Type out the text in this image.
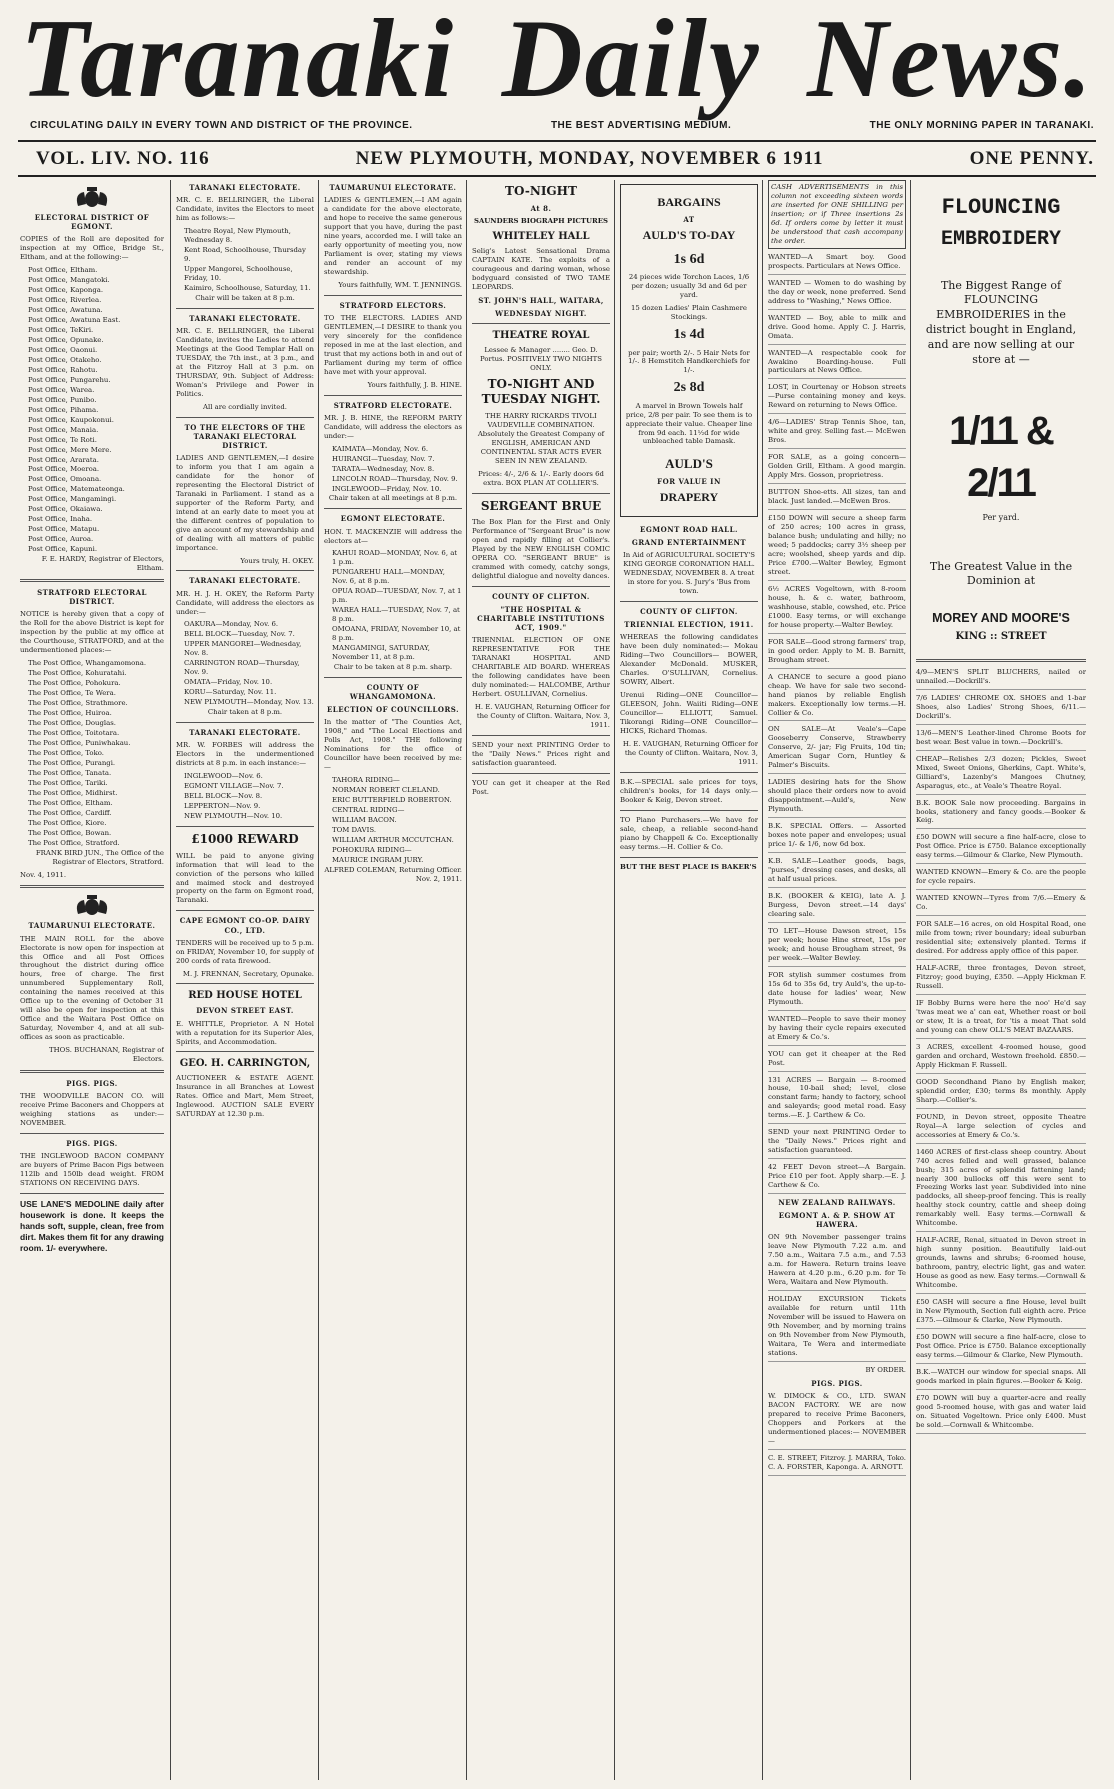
Taranaki Daily News.
CIRCULATING DAILY IN EVERY TOWN AND DISTRICT OF THE PROVINCE.	THE BEST ADVERTISING MEDIUM.	THE ONLY MORNING PAPER IN TARANAKI.
VOL. LIV. NO. 116	NEW PLYMOUTH, MONDAY, NOVEMBER 6 1911	ONE PENNY.
ELECTORAL DISTRICT OF EGMONT.

COPIES of the Roll are deposited for inspection at my Office, Bridge St., Eltham, and at the following:—

Post Office, Eltham.
Post Office, Mangatoki.
Post Office, Kaponga.
Post Office, Riverlea.
Post Office, Awatuna.
Post Office, Awatuna East.
Post Office, TeKiri.
Post Office, Opunake.
Post Office, Oaonui.
Post Office, Otakeho.
Post Office, Rahotu.
Post Office, Pungarehu.
Post Office, Warea.
Post Office, Punibo.
Post Office, Pihama.
Post Office, Kaupokonui.
Post Office, Manaia.
Post Office, Te Roti.
Post Office, Mere Mere.
Post Office, Ararata.
Post Office, Moeroa.
Post Office, Omoana.
Post Office, Matemateonga.
Post Office, Mangamingi.
Post Office, Okaiawa.
Post Office, Inaha.
Post Office, Matapu.
Post Office, Auroa.
Post Office, Kapuni.

F. E. HARDY, Registrar of Electors, Eltham.

STRATFORD ELECTORAL DISTRICT.

NOTICE is hereby given that a copy of the Roll for the above District is kept for inspection by the public at my office at the Courthouse, STRATFORD, and at the undermentioned places:—

The Post Office, Whangamomona.
The Post Office, Kohuratahi.
The Post Office, Pohokura.
The Post Office, Te Wera.
The Post Office, Strathmore.
The Post Office, Huiroa.
The Post Office, Douglas.
The Post Office, Toitotara.
The Post Office, Puniwhakau.
The Post Office, Toko.
The Post Office, Purangi.
The Post Office, Tanata.
The Post Office, Tariki.
The Post Office, Midhirst.
The Post Office, Eltham.
The Post Office, Cardiff.
The Post Office, Kiore.
The Post Office, Bowan.
The Post Office, Stratford.

FRANK BIRD JUN., The Office of the Registrar of Electors, Stratford.

Nov. 4, 1911.

TAUMARUNUI ELECTORATE.

THE MAIN ROLL for the above Electorate is now open for inspection at this Office and all Post Offices throughout the district during office hours, free of charge. The first unnumbered Supplementary Roll, containing the names received at this Office up to the evening of October 31 will also be open for inspection at this Office and the Waitara Post Office on Saturday, November 4, and at all sub-offices as soon as practicable.

THOS. BUCHANAN, Registrar of Electors.

PIGS. PIGS.

THE WOODVILLE BACON CO. will receive Prime Baconers and Choppers at weighing stations as under:— NOVEMBER.

PIGS. PIGS.

THE INGLEWOOD BACON COMPANY are buyers of Prime Bacon Pigs between 112lb and 150lb dead weight. FROM STATIONS ON RECEIVING DAYS.

USE LANE'S MEDOLINE daily after housework is done. It keeps the hands soft, supple, clean, free from dirt. Makes them fit for any drawing room. 1/- everywhere.

TARANAKI ELECTORATE.

MR. C. E. BELLRINGER, the Liberal Candidate, invites the Electors to meet him as follows:—

Theatre Royal, New Plymouth, Wednesday 8.
Kent Road, Schoolhouse, Thursday 9.
Upper Mangorei, Schoolhouse, Friday, 10.
Kaimiro, Schoolhouse, Saturday, 11.

Chair will be taken at 8 p.m.

TARANAKI ELECTORATE.

MR. C. E. BELLRINGER, the Liberal Candidate, invites the Ladies to attend Meetings at the Good Templar Hall on TUESDAY, the 7th inst., at 3 p.m., and at the Fitzroy Hall at 3 p.m. on THURSDAY, 9th. Subject of Address: Woman's Privilege and Power in Politics.

All are cordially invited.

TO THE ELECTORS OF THE TARANAKI ELECTORAL DISTRICT.

LADIES AND GENTLEMEN,—I desire to inform you that I am again a candidate for the honor of representing the Electoral District of Taranaki in Parliament. I stand as a supporter of the Reform Party, and intend at an early date to meet you at the different centres of population to give an account of my stewardship and of dealing with all matters of public importance.

Yours truly, H. OKEY.

TARANAKI ELECTORATE.

MR. H. J. H. OKEY, the Reform Party Candidate, will address the electors as under:—

OAKURA—Monday, Nov. 6.
BELL BLOCK—Tuesday, Nov. 7.
UPPER MANGOREI—Wednesday, Nov. 8.
CARRINGTON ROAD—Thursday, Nov. 9.
OMATA—Friday, Nov. 10.
KORU—Saturday, Nov. 11.
NEW PLYMOUTH—Monday, Nov. 13.

Chair taken at 8 p.m.

TARANAKI ELECTORATE.

MR. W. FORBES will address the Electors in the undermentioned districts at 8 p.m. in each instance:—

INGLEWOOD—Nov. 6.
EGMONT VILLAGE—Nov. 7.
BELL BLOCK—Nov. 8.
LEPPERTON—Nov. 9.
NEW PLYMOUTH—Nov. 10.
£1000 REWARD

WILL be paid to anyone giving information that will lead to the conviction of the persons who killed and maimed stock and destroyed property on the farm on Egmont road, Taranaki.

CAPE EGMONT CO-OP. DAIRY CO., LTD.

TENDERS will be received up to 5 p.m. on FRIDAY, November 10, for supply of 200 cords of rata firewood.

M. J. FRENNAN, Secretary, Opunake.

RED HOUSE HOTEL
DEVON STREET EAST.

E. WHITTLE, Proprietor. A N Hotel with a reputation for its Superior Ales, Spirits, and Accommodation.

GEO. H. CARRINGTON,

AUCTIONEER & ESTATE AGENT. Insurance in all Branches at Lowest Rates. Office and Mart, Mem Street, Inglewood. AUCTION SALE EVERY SATURDAY at 12.30 p.m.

TAUMARUNUI ELECTORATE.

LADIES & GENTLEMEN,—I AM again a candidate for the above electorate, and hope to receive the same generous support that you have, during the past nine years, accorded me. I will take an early opportunity of meeting you, now Parliament is over, stating my views and render an account of my stewardship.

Yours faithfully, WM. T. JENNINGS.

STRATFORD ELECTORS.

TO THE ELECTORS. LADIES AND GENTLEMEN,—I DESIRE to thank you very sincerely for the confidence reposed in me at the last election, and trust that my actions both in and out of Parliament during my term of office have met with your approval.

Yours faithfully, J. B. HINE.

STRATFORD ELECTORATE.

MR. J. B. HINE, the REFORM PARTY Candidate, will address the electors as under:—

KAIMATA—Monday, Nov. 6.
HUIRANGI—Tuesday, Nov. 7.
TARATA—Wednesday, Nov. 8.
LINCOLN ROAD—Thursday, Nov. 9.
INGLEWOOD—Friday, Nov. 10.

Chair taken at all meetings at 8 p.m.

EGMONT ELECTORATE.

HON. T. MACKENZIE will address the electors at—

KAHUI ROAD—MONDAY, Nov. 6, at 1 p.m.
PUNGAREHU HALL—MONDAY, Nov. 6, at 8 p.m.
OPUA ROAD—TUESDAY, Nov. 7, at 1 p.m.
WAREA HALL—TUESDAY, Nov. 7, at 8 p.m.
OMOANA, FRIDAY, November 10, at 8 p.m.
MANGAMINGI, SATURDAY, November 11, at 8 p.m.

Chair to be taken at 8 p.m. sharp.

COUNTY OF WHANGAMOMONA.
ELECTION OF COUNCILLORS.

In the matter of "The Counties Act, 1908," and "The Local Elections and Polls Act, 1908." THE following Nominations for the office of Councillor have been received by me:—

TAHORA RIDING—
NORMAN ROBERT CLELAND.
ERIC BUTTERFIELD ROBERTON.
CENTRAL RIDING—
WILLIAM BACON.
TOM DAVIS.
WILLIAM ARTHUR MCCUTCHAN.
POHOKURA RIDING—
MAURICE INGRAM JURY.

ALFRED COLEMAN, Returning Officer. Nov. 2, 1911.

TO-NIGHT
At 8.

SAUNDERS BIOGRAPH PICTURES

WHITELEY HALL

Selig's Latest Sensational Drama CAPTAIN KATE. The exploits of a courageous and daring woman, whose bodyguard consisted of TWO TAME LEOPARDS.

ST. JOHN'S HALL, WAITARA,
WEDNESDAY NIGHT.
THEATRE ROYAL

Lessee & Manager ........ Geo. D. Portus. POSITIVELY TWO NIGHTS ONLY.

TO-NIGHT AND TUESDAY NIGHT.

THE HARRY RICKARDS TIVOLI VAUDEVILLE COMBINATION. Absolutely the Greatest Company of ENGLISH, AMERICAN AND CONTINENTAL STAR ACTS EVER SEEN IN NEW ZEALAND.

Prices: 4/-, 2/6 & 1/-. Early doors 6d extra. BOX PLAN AT COLLIER'S.

SERGEANT BRUE

The Box Plan for the First and Only Performance of "Sergeant Brue" is now open and rapidly filling at Collier's. Played by the NEW ENGLISH COMIC OPERA CO. "SERGEANT BRUE" is crammed with comedy, catchy songs, delightful dialogue and novelty dances.

COUNTY OF CLIFTON.
"THE HOSPITAL & CHARITABLE INSTITUTIONS ACT, 1909."

TRIENNIAL ELECTION OF ONE REPRESENTATIVE FOR THE TARANAKI HOSPITAL AND CHARITABLE AID BOARD. WHEREAS the following candidates have been duly nominated:— HALCOMBE, Arthur Herbert. OSULLIVAN, Cornelius.

H. E. VAUGHAN, Returning Officer for the County of Clifton. Waitara, Nov. 3, 1911.

SEND your next PRINTING Order to the "Daily News." Prices right and satisfaction guaranteed.

YOU can get it cheaper at the Red Post.

BARGAINS
AT
AULD'S TO-DAY
1s 6d

24 pieces wide Torchon Laces, 1/6 per dozen; usually 3d and 6d per yard.

15 dozen Ladies' Plain Cashmere Stockings.

1s 4d

per pair; worth 2/-. 5 Hair Nets for 1/-. 8 Hemstitch Handkerchiefs for 1/-.

2s 8d

A marvel in Brown Towels half price, 2/8 per pair. To see them is to appreciate their value. Cheaper line from 9d each. 11½d for wide unbleached table Damask.

AULD'S
FOR VALUE IN
DRAPERY
EGMONT ROAD HALL.
GRAND ENTERTAINMENT

In Aid of AGRICULTURAL SOCIETY'S KING GEORGE CORONATION HALL. WEDNESDAY, NOVEMBER 8. A treat in store for you. S. Jury's 'Bus from town.

COUNTY OF CLIFTON.
TRIENNIAL ELECTION, 1911.

WHEREAS the following candidates have been duly nominated:— Mokau Riding—Two Councillors— BOWER, Alexander McDonald. MUSKER, Charles. O'SULLIVAN, Cornelius. SOWRY, Albert.

Urenui Riding—ONE Councillor— GLEESON, John. Waiiti Riding—ONE Councillor— ELLIOTT, Samuel. Tikorangi Riding—ONE Councillor— HICKS, Richard Thomas.

H. E. VAUGHAN, Returning Officer for the County of Clifton. Waitara, Nov. 3, 1911.

B.K.—SPECIAL sale prices for toys, children's books, for 14 days only.—Booker & Keig, Devon street.

TO Piano Purchasers.—We have for sale, cheap, a reliable second-hand piano by Chappell & Co. Exceptionally easy terms.—H. Collier & Co.

BUT THE BEST PLACE IS BAKER'S

CASH ADVERTISEMENTS in this column not exceeding sixteen words are inserted for ONE SHILLING per insertion; or if Three insertions 2s 6d. If orders come by letter it must be understood that cash accompany the order.

WANTED—A Smart boy. Good prospects. Particulars at News Office.

WANTED — Women to do washing by the day or week, none preferred. Send address to "Washing," News Office.

WANTED — Boy, able to milk and drive. Good home. Apply C. J. Harris, Omata.

WANTED—A respectable cook for Awakino Boarding-house. Full particulars at News Office.

LOST, in Courtenay or Hobson streets —Purse containing money and keys. Reward on returning to News Office.

4/6—LADIES' Strap Tennis Shoe, tan, white and grey. Selling fast.— McEwen Bros.

FOR SALE, as a going concern—Golden Grill, Eltham. A good margin. Apply Mrs. Gosson, proprietress.

BUTTON Shoe-etts. All sizes, tan and black. Just landed.—McEwen Bros.

£150 DOWN will secure a sheep farm of 250 acres; 100 acres in grass, balance bush; undulating and hilly; no weed; 5 paddocks; carry 3½ sheep per acre; woolshed, sheep yards and dip. Price £700.—Walter Bewley, Egmont street.

6½ ACRES Vogeltown, with 8-room house, h. & c. water, bathroom, washhouse, stable, cowshed, etc. Price £1000. Easy terms, or will exchange for house property.—Walter Bewley.

FOR SALE—Good strong farmers' trap, in good order. Apply to M. B. Barnitt, Brougham street.

A CHANCE to secure a good piano cheap. We have for sale two second-hand pianos by reliable English makers. Exceptionally low terms.—H. Collier & Co.

ON SALE—At Veale's—Cape Gooseberry Conserve, Strawberry Conserve, 2/- jar; Fig Fruits, 10d tin; American Sugar Corn, Huntley & Palmer's Biscuits.

LADIES desiring hats for the Show should place their orders now to avoid disappointment.—Auld's, New Plymouth.

B.K. SPECIAL Offers. — Assorted boxes note paper and envelopes; usual price 1/- & 1/6, now 6d box.

K.B. SALE—Leather goods, bags, "purses," dressing cases, and desks, all at half usual prices.

B.K. (BOOKER & KEIG), late A. J. Burgess, Devon street.—14 days' clearing sale.

TO LET—House Dawson street, 15s per week; house Hine street, 15s per week; and house Brougham street, 9s per week.—Walter Bewley.

FOR stylish summer costumes from 15s 6d to 35s 6d, try Auld's, the up-to-date house for ladies' wear, New Plymouth.

WANTED—People to save their money by having their cycle repairs executed at Emery & Co.'s.

YOU can get it cheaper at the Red Post.

131 ACRES — Bargain — 8-roomed house, 10-bail shed; level, close constant farm; handy to factory, school and saleyards; good metal road. Easy terms.—E. J. Carthew & Co.

SEND your next PRINTING Order to the "Daily News." Prices right and satisfaction guaranteed.

42 FEET Devon street—A Bargain. Price £10 per foot. Apply sharp.—E. J. Carthew & Co.

NEW ZEALAND RAILWAYS.
EGMONT A. & P. SHOW AT HAWERA.

ON 9th November passenger trains leave New Plymouth 7.22 a.m. and 7.50 a.m., Waitara 7.5 a.m., and 7.53 a.m. for Hawera. Return trains leave Hawera at 4.20 p.m., 6.20 p.m. for Te Wera, Waitara and New Plymouth.

HOLIDAY EXCURSION Tickets available for return until 11th November will be issued to Hawera on 9th November, and by morning trains on 9th November from New Plymouth, Waitara, Te Wera and intermediate stations.

BY ORDER.

PIGS. PIGS.

W. DIMOCK & CO., LTD. SWAN BACON FACTORY. WE are now prepared to receive Prime Baconers, Choppers and Porkers at the undermentioned places:— NOVEMBER—

C. E. STREET, Fitzroy. J. MARRA, Toko. C. A. FORSTER, Kaponga. A. ARNOTT.

FLOUNCING
EMBROIDERY

The Biggest Range of FLOUNCING EMBROIDERIES in the district bought in England, and are now selling at our store at —

1/11 & 2/11

Per yard.

The Greatest Value in the Dominion at

MOREY AND MOORE'S
KING :: STREET

4/9—MEN'S SPLIT BLUCHERS, nailed or unnailed.—Dockrill's.

7/6 LADIES' CHROME OX. SHOES and 1-bar Shoes, also Ladies' Strong Shoes, 6/11.—Dockrill's.

13/6—MEN'S Leather-lined Chrome Boots for best wear. Best value in town.—Dockrill's.

CHEAP—Relishes 2/3 dozen; Pickles, Sweet Mixed, Sweet Onions, Gherkins, Capt. White's, Gilliard's, Lazenby's Mangoes Chutney, Asparagus, etc., at Veale's Theatre Royal.

B.K. BOOK Sale now proceeding. Bargains in books, stationery and fancy goods.—Booker & Keig.

£50 DOWN will secure a fine half-acre, close to Post Office. Price is £750. Balance exceptionally easy terms.—Gilmour & Clarke, New Plymouth.

WANTED KNOWN—Emery & Co. are the people for cycle repairs.

WANTED KNOWN—Tyres from 7/6.—Emery & Co.

FOR SALE—16 acres, on old Hospital Road, one mile from town; river boundary; ideal suburban residential site; extensively planted. Terms if desired. For address apply office of this paper.

HALF-ACRE, three frontages, Devon street, Fitzroy; good buying, £350. —Apply Hickman F. Russell.

IF Bobby Burns were here the noo' He'd say 'twas meat we a' can eat, Whether roast or boil or stew, It is a treat, for 'tis a meat That sold and young can chew OLL'S MEAT BAZAARS.

3 ACRES, excellent 4-roomed house, good garden and orchard, Westown freehold. £850.—Apply Hickman F. Russell.

GOOD Secondhand Piano by English maker, splendid order, £30; terms 8s monthly. Apply Sharp.—Collier's.

FOUND, in Devon street, opposite Theatre Royal—A large selection of cycles and accessories at Emery & Co.'s.

1460 ACRES of first-class sheep country. About 740 acres felled and well grassed, balance bush; 315 acres of splendid fattening land; nearly 300 bullocks off this were sent to Freezing Works last year. Subdivided into nine paddocks, all sheep-proof fencing. This is really healthy stock country, cattle and sheep doing remarkably well. Easy terms.—Cornwall & Whitcombe.

HALF-ACRE, Renal, situated in Devon street in high sunny position. Beautifully laid-out grounds, lawns and shrubs; 6-roomed house, bathroom, pantry, electric light, gas and water. House as good as new. Easy terms.—Cornwall & Whitcombe.

£50 CASH will secure a fine House, level built in New Plymouth, Section full eighth acre. Price £375.—Gilmour & Clarke, New Plymouth.

£50 DOWN will secure a fine half-acre, close to Post Office. Price is £750. Balance exceptionally easy terms.—Gilmour & Clarke, New Plymouth.

B.K.—WATCH our window for special snaps. All goods marked in plain figures.—Booker & Keig.

£70 DOWN will buy a quarter-acre and really good 5-roomed house, with gas and water laid on. Situated Vogeltown. Price only £400. Must be sold.—Cornwall & Whitcombe.
